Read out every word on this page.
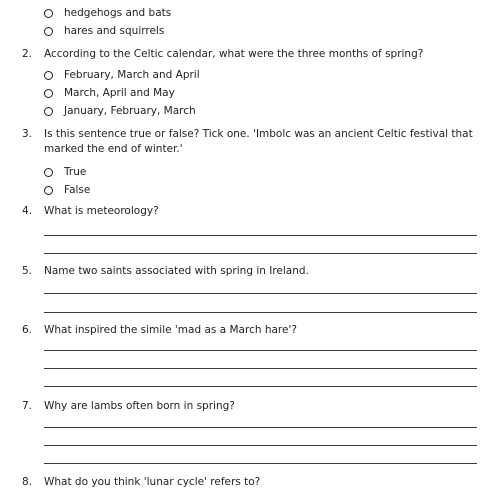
hedgehogs and bats
hares and squirrels
2. According to the Celtic calendar, what were the three months of spring?
February, March and April
March, April and May
January, February, March
3. Is this sentence true or false? Tick one. 'Imbolc was an ancient Celtic festival that marked the end of winter.'
True
False
4. What is meteorology?
5. Name two saints associated with spring in Ireland.
6. What inspired the simile 'mad as a March hare'?
7. Why are lambs often born in spring?
8. What do you think 'lunar cycle' refers to?
